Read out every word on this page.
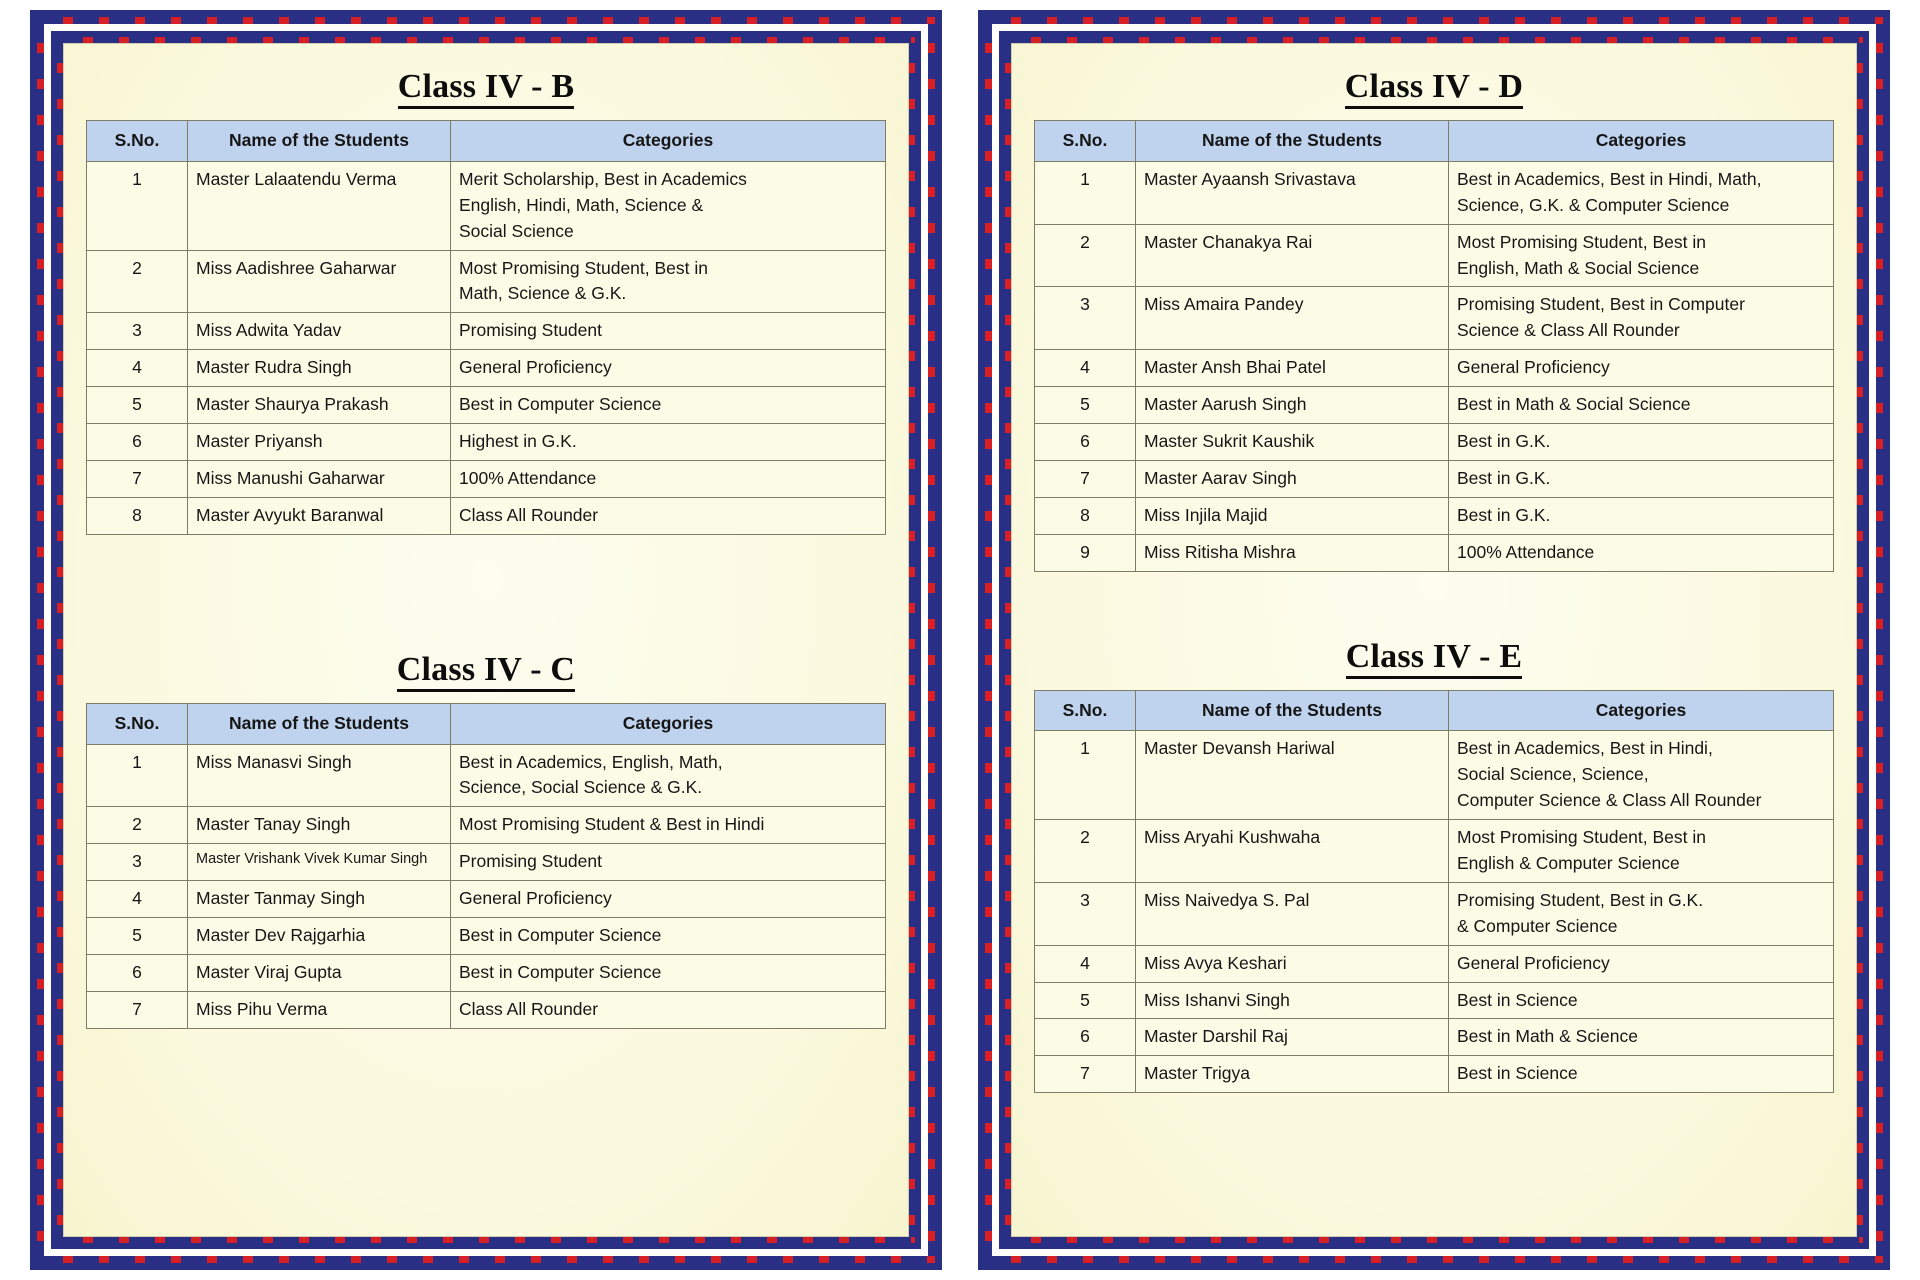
Class IV - B
S.No.	Name of the Students	Categories
1	Master Lalaatendu Verma	Merit Scholarship, Best in Academics
English, Hindi, Math, Science &
Social Science
2	Miss Aadishree Gaharwar	Most Promising Student, Best in
Math, Science & G.K.
3	Miss Adwita Yadav	Promising Student
4	Master Rudra Singh	General Proficiency
5	Master Shaurya Prakash	Best in Computer Science
6	Master Priyansh	Highest in G.K.
7	Miss Manushi Gaharwar	100% Attendance
8	Master Avyukt Baranwal	Class All Rounder
Class IV - C
S.No.	Name of the Students	Categories
1	Miss Manasvi Singh	Best in Academics, English, Math,
Science, Social Science & G.K.
2	Master Tanay Singh	Most Promising Student & Best in Hindi
3	Master Vrishank Vivek Kumar Singh	Promising Student
4	Master Tanmay Singh	General Proficiency
5	Master Dev Rajgarhia	Best in Computer Science
6	Master Viraj Gupta	Best in Computer Science
7	Miss Pihu Verma	Class All Rounder
Class IV - D
S.No.	Name of the Students	Categories
1	Master Ayaansh Srivastava	Best in Academics, Best in Hindi, Math,
Science, G.K. & Computer Science
2	Master Chanakya Rai	Most Promising Student, Best in
English, Math & Social Science
3	Miss Amaira Pandey	Promising Student, Best in Computer
Science & Class All Rounder
4	Master Ansh Bhai Patel	General Proficiency
5	Master Aarush Singh	Best in Math & Social Science
6	Master Sukrit Kaushik	Best in G.K.
7	Master Aarav Singh	Best in G.K.
8	Miss Injila Majid	Best in G.K.
9	Miss Ritisha Mishra	100% Attendance
Class IV - E
S.No.	Name of the Students	Categories
1	Master Devansh Hariwal	Best in Academics, Best in Hindi,
Social Science, Science,
Computer Science & Class All Rounder
2	Miss Aryahi Kushwaha	Most Promising Student, Best in
English & Computer Science
3	Miss Naivedya S. Pal	Promising Student, Best in G.K.
& Computer Science
4	Miss Avya Keshari	General Proficiency
5	Miss Ishanvi Singh	Best in Science
6	Master Darshil Raj	Best in Math & Science
7	Master Trigya	Best in Science
